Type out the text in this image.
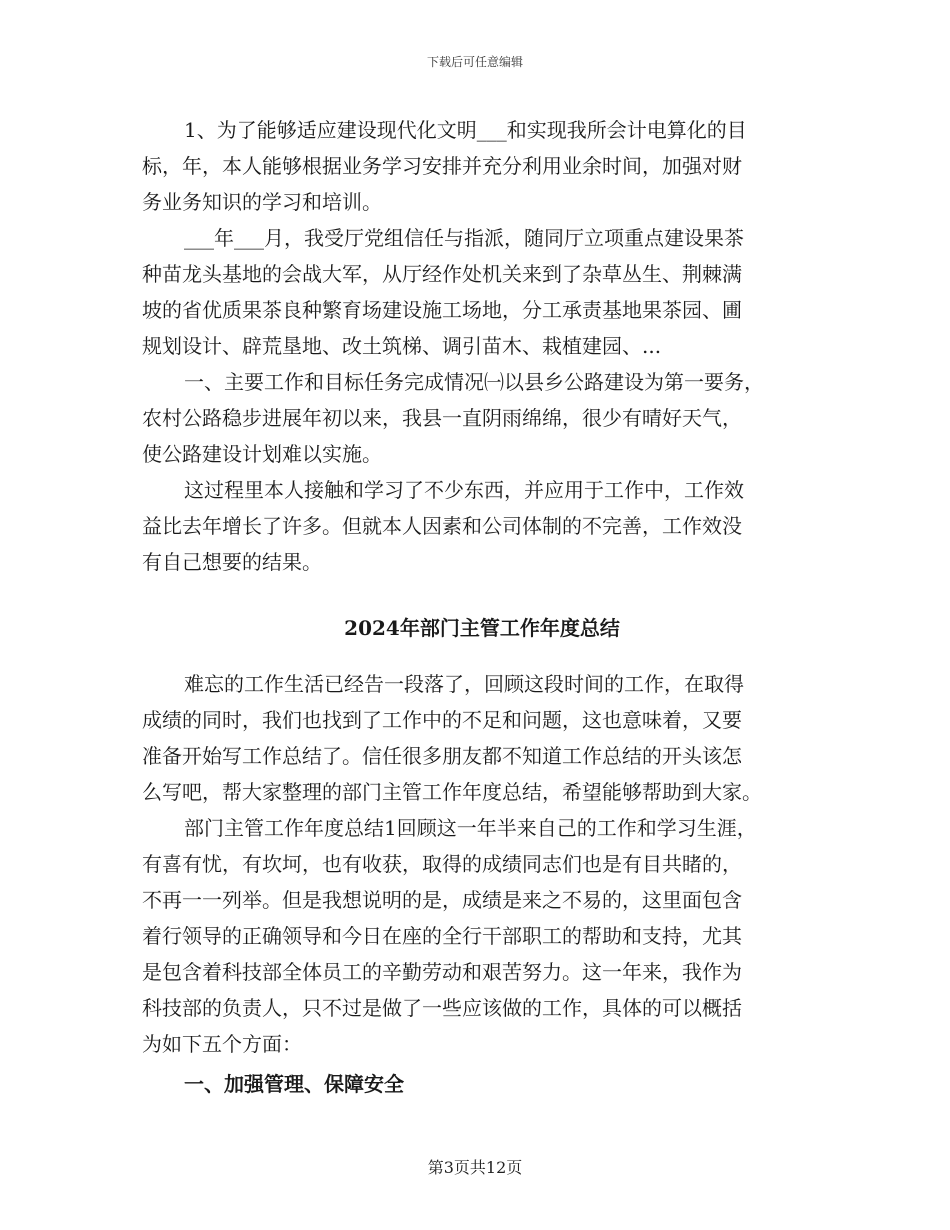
下载后可任意编辑

1、为了能够适应建设现代化文明___和实现我所会计电算化的目
标，年，本人能够根据业务学习安排并充分利用业余时间，加强对财
务业务知识的学习和培训。

___年___月，我受厅党组信任与指派，随同厅立项重点建设果茶
种苗龙头基地的会战大军，从厅经作处机关来到了杂草丛生、荆棘满
坡的省优质果茶良种繁育场建设施工场地，分工承责基地果茶园、圃
规划设计、辟荒垦地、改土筑梯、调引苗木、栽植建园、...

一、主要工作和目标任务完成情况㈠以县乡公路建设为第一要务，
农村公路稳步进展年初以来，我县一直阴雨绵绵，很少有晴好天气，
使公路建设计划难以实施。

这过程里本人接触和学习了不少东西，并应用于工作中，工作效
益比去年增长了许多。但就本人因素和公司体制的不完善，工作效没
有自己想要的结果。

2024年部门主管工作年度总结

难忘的工作生活已经告一段落了，回顾这段时间的工作，在取得
成绩的同时，我们也找到了工作中的不足和问题，这也意味着，又要
准备开始写工作总结了。信任很多朋友都不知道工作总结的开头该怎
么写吧，帮大家整理的部门主管工作年度总结，希望能够帮助到大家。

部门主管工作年度总结1回顾这一年半来自己的工作和学习生涯，
有喜有忧，有坎坷，也有收获，取得的成绩同志们也是有目共睹的，
不再一一列举。但是我想说明的是，成绩是来之不易的，这里面包含
着行领导的正确领导和今日在座的全行干部职工的帮助和支持，尤其
是包含着科技部全体员工的辛勤劳动和艰苦努力。这一年来，我作为
科技部的负责人，只不过是做了一些应该做的工作，具体的可以概括
为如下五个方面：

一、加强管理、保障安全
第3页共12页
